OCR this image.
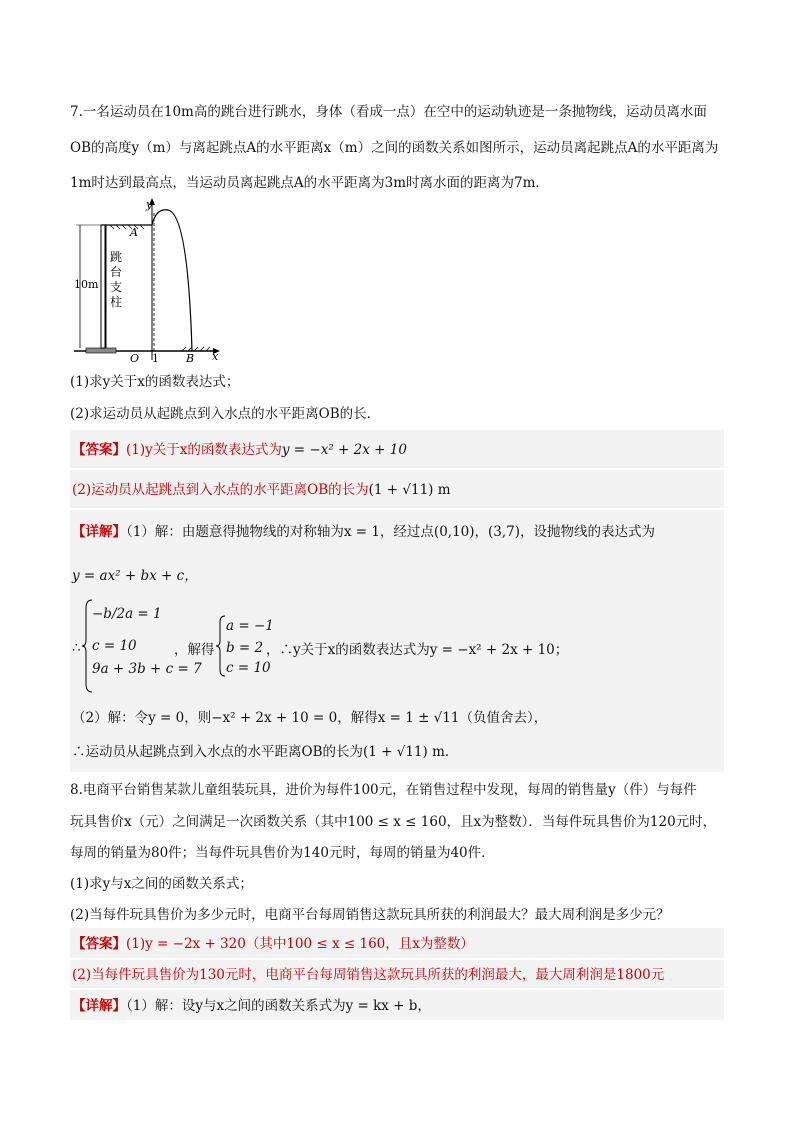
7.一名运动员在10m高的跳台进行跳水，身体（看成一点）在空中的运动轨迹是一条抛物线，运动员离水面
OB的高度y（m）与离起跳点A的水平距离x（m）之间的函数关系如图所示，运动员离起跳点A的水平距离为
1m时达到最高点，当运动员离起跳点A的水平距离为3m时离水面的距离为7m．
y
A
10m
跳
台
支
柱
O 1 B x
(1)求y关于x的函数表达式；
(2)求运动员从起跳点到入水点的水平距离OB的长．
【答案】(1)y关于x的函数表达式为y = −x² + 2x + 10
(2)运动员从起跳点到入水点的水平距离OB的长为(1 + √11) m
【详解】（1）解：由题意得抛物线的对称轴为x = 1，经过点(0,10)，(3,7)，设抛物线的表达式为
y = ax² + bx + c，
∴
−b/2a = 1
c = 10
9a + 3b + c = 7
，解得
a = −1
b = 2
c = 10
，∴y关于x的函数表达式为y = −x² + 2x + 10；
（2）解：令y = 0，则−x² + 2x + 10 = 0，解得x = 1 ± √11（负值舍去），
∴运动员从起跳点到入水点的水平距离OB的长为(1 + √11) m．
8.电商平台销售某款儿童组装玩具，进价为每件100元，在销售过程中发现，每周的销售量y（件）与每件
玩具售价x（元）之间满足一次函数关系（其中100 ≤ x ≤ 160，且x为整数）．当每件玩具售价为120元时，
每周的销量为80件；当每件玩具售价为140元时，每周的销量为40件．
(1)求y与x之间的函数关系式；
(2)当每件玩具售价为多少元时，电商平台每周销售这款玩具所获的利润最大？最大周利润是多少元？
【答案】(1)y = −2x + 320（其中100 ≤ x ≤ 160，且x为整数）
(2)当每件玩具售价为130元时，电商平台每周销售这款玩具所获的利润最大，最大周利润是1800元
【详解】（1）解：设y与x之间的函数关系式为y = kx + b，
